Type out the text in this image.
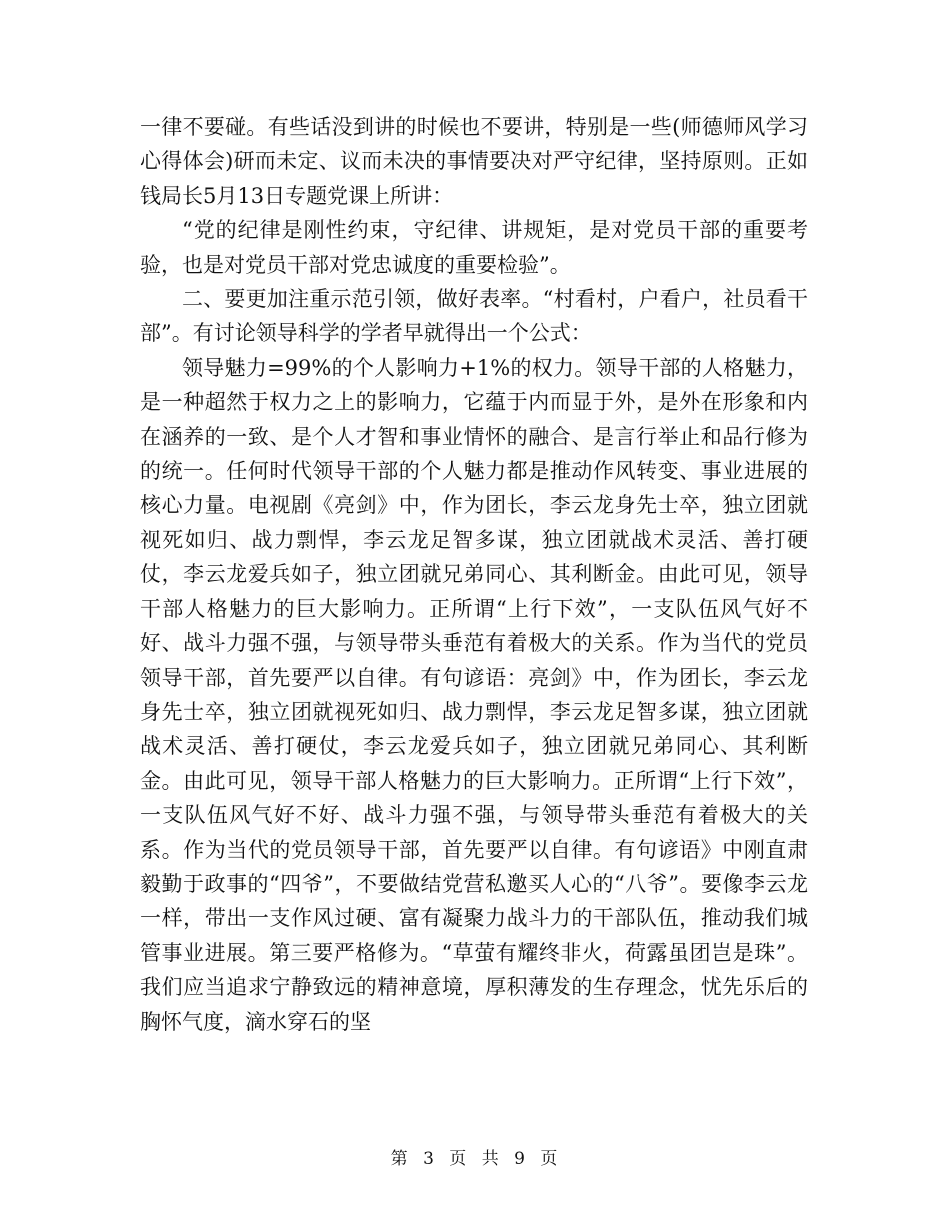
一律不要碰。有些话没到讲的时候也不要讲，特别是一些(师德师风学习心得体会)研而未定、议而未决的事情要决对严守纪律，坚持原则。正如钱局长5月13日专题党课上所讲：

“党的纪律是刚性约束，守纪律、讲规矩，是对党员干部的重要考验，也是对党员干部对党忠诚度的重要检验”。

二、要更加注重示范引领，做好表率。“村看村，户看户，社员看干部”。有讨论领导科学的学者早就得出一个公式：

领导魅力=99%的个人影响力+1%的权力。领导干部的人格魅力，是一种超然于权力之上的影响力，它蕴于内而显于外，是外在形象和内在涵养的一致、是个人才智和事业情怀的融合、是言行举止和品行修为的统一。任何时代领导干部的个人魅力都是推动作风转变、事业进展的核心力量。电视剧《亮剑》中，作为团长，李云龙身先士卒，独立团就视死如归、战力剽悍，李云龙足智多谋，独立团就战术灵活、善打硬仗，李云龙爱兵如子，独立团就兄弟同心、其利断金。由此可见，领导干部人格魅力的巨大影响力。正所谓“上行下效”，一支队伍风气好不好、战斗力强不强，与领导带头垂范有着极大的关系。作为当代的党员领导干部，首先要严以自律。有句谚语：亮剑》中，作为团长，李云龙身先士卒，独立团就视死如归、战力剽悍，李云龙足智多谋，独立团就战术灵活、善打硬仗，李云龙爱兵如子，独立团就兄弟同心、其利断金。由此可见，领导干部人格魅力的巨大影响力。正所谓“上行下效”，一支队伍风气好不好、战斗力强不强，与领导带头垂范有着极大的关系。作为当代的党员领导干部，首先要严以自律。有句谚语》中刚直肃毅勤于政事的“四爷”，不要做结党营私邀买人心的“八爷”。要像李云龙一样，带出一支作风过硬、富有凝聚力战斗力的干部队伍，推动我们城管事业进展。第三要严格修为。“草萤有耀终非火，荷露虽团岂是珠”。我们应当追求宁静致远的精神意境，厚积薄发的生存理念，忧先乐后的胸怀气度，滴水穿石的坚

第 3 页 共 9 页
